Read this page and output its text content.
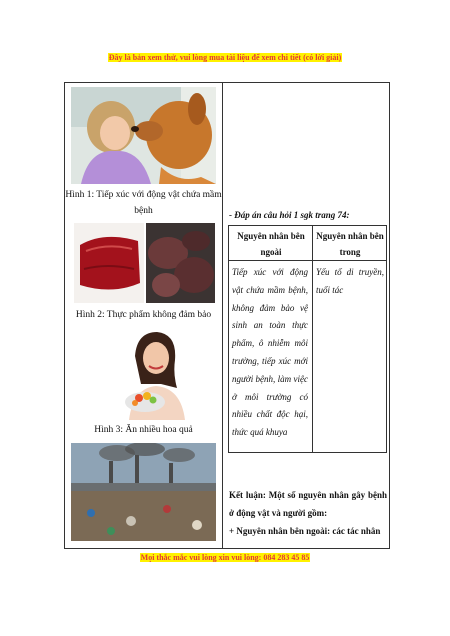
Đây là bản xem thử, vui lòng mua tài liệu để xem chi tiết (có lời giải)
Hình 1: Tiếp xúc với động vật chứa mầm bệnh
Hình 2: Thực phẩm không đảm bảo
Hình 3: Ăn nhiều hoa quả
- Đáp án câu hỏi 1 sgk trang 74:
Nguyên nhân bên ngoài
Nguyên nhân bên trong
Tiếp xúc với động vật chứa mầm bệnh, không đảm bảo vệ sinh an toàn thực phẩm, ô nhiễm môi trường, tiếp xúc mới người bệnh, làm việc ở môi trường có nhiều chất độc hại, thức quá khuya
Yếu tố di truyền, tuổi tác
Kết luận: Một số nguyên nhân gây bệnh ở động vật và người gồm:
+ Nguyên nhân bên ngoài: các tác nhân
Mọi thắc mắc vui lòng xin vui lòng: 084 283 45 85
